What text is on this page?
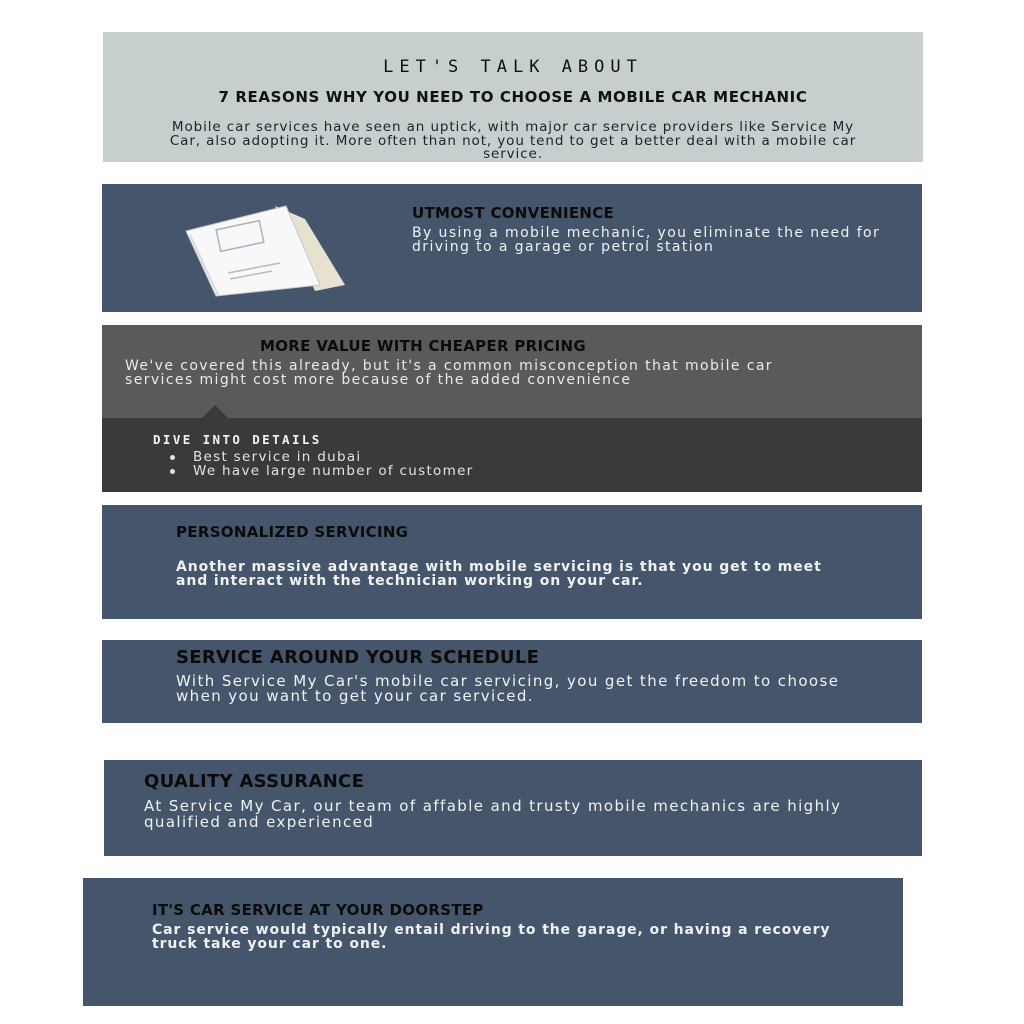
LET'S TALK ABOUT

7 REASONS WHY YOU NEED TO CHOOSE A MOBILE CAR MECHANIC

Mobile car services have seen an uptick, with major car service providers like Service My Car, also adopting it. More often than not, you tend to get a better deal with a mobile car service.

UTMOST CONVENIENCE

By using a mobile mechanic, you eliminate the need for driving to a garage or petrol station

MORE VALUE WITH CHEAPER PRICING

We've covered this already, but it's a common misconception that mobile car services might cost more because of the added convenience

DIVE INTO DETAILS

Best service in dubai
We have large number of customer
PERSONALIZED SERVICING

Another massive advantage with mobile servicing is that you get to meet and interact with the technician working on your car.

SERVICE AROUND YOUR SCHEDULE

With Service My Car's mobile car servicing, you get the freedom to choose when you want to get your car serviced.

QUALITY ASSURANCE

At Service My Car, our team of affable and trusty mobile mechanics are highly qualified and experienced

IT'S CAR SERVICE AT YOUR DOORSTEP

Car service would typically entail driving to the garage, or having a recovery truck take your car to one.
